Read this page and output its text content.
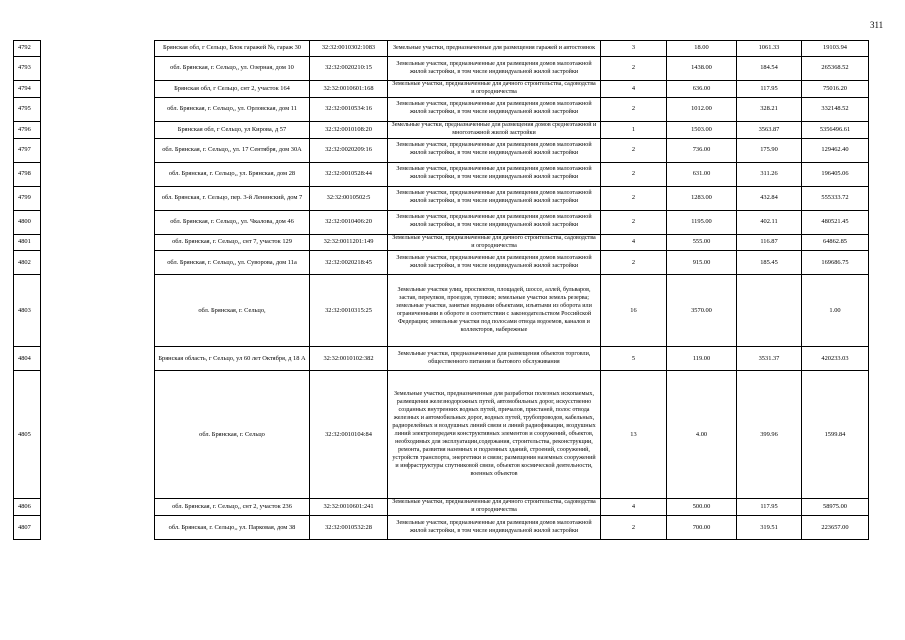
311
4792		Брянская обл, г Сельцо, Блок гаражей №, гараж 30	32:32:0010302:1083	Земельные участки, предназначенные для размещения гаражей и автостоянок	3	18.00	1061.33	19103.94
4793		обл. Брянская, г. Сельцо,, ул. Озерная, дом 10	32:32:0020210:15	Земельные участки, предназначенные для размещения домов малоэтажной жилой застройки, в том числе индивидуальной жилой застройки	2	1438.00	184.54	265368.52
4794		Брянская обл, г Сельцо, снт 2, участок 164	32:32:0010601:168	Земельные участки, предназначенные для дачного строительства, садоводства и огородничества	4	636.00	117.95	75016.20
4795		обл. Брянская, г. Сельцо,, ул. Орловская, дом 11	32:32:0010534:16	Земельные участки, предназначенные для размещения домов малоэтажной жилой застройки, в том числе индивидуальной жилой застройки	2	1012.00	328.21	332148.52
4796		Брянская обл, г Сельцо, ул Кирова, д 57	32:32:0010108:20	Земельные участки, предназначенные для размещения домов среднеэтажной и многоэтажной жилой застройки	1	1503.00	3563.87	5356496.61
4797		обл. Брянская, г. Сельцо,, ул. 17 Сентября, дом 30А	32:32:0020209:16	Земельные участки, предназначенные для размещения домов малоэтажной жилой застройки, в том числе индивидуальной жилой застройки	2	736.00	175.90	129462.40
4798		обл. Брянская, г. Сельцо,, ул. Брянская, дом 28	32:32:0010528:44	Земельные участки, предназначенные для размещения домов малоэтажной жилой застройки, в том числе индивидуальной жилой застройки	2	631.00	311.26	196405.06
4799		обл. Брянская, г. Сельцо, пер. 3-й Ленинский, дом 7	32:32:0010502:5	Земельные участки, предназначенные для размещения домов малоэтажной жилой застройки, в том числе индивидуальной жилой застройки	2	1283.00	432.84	555333.72
4800		обл. Брянская, г. Сельцо,, ул. Чкалова, дом 46	32:32:0010406:20	Земельные участки, предназначенные для размещения домов малоэтажной жилой застройки, в том числе индивидуальной жилой застройки	2	1195.00	402.11	480521.45
4801		обл. Брянская, г. Сельцо,, снт 7, участок 129	32:32:0011201:149	Земельные участки, предназначенные для дачного строительства, садоводства и огородничества	4	555.00	116.87	64862.85
4802		обл. Брянская, г. Сельцо,, ул. Суворова, дом 11а	32:32:0020218:45	Земельные участки, предназначенные для размещения домов малоэтажной жилой застройки, в том числе индивидуальной жилой застройки	2	915.00	185.45	169686.75
4803		обл. Брянская, г. Сельцо,	32:32:0010315:25	Земельные участки улиц, проспектов, площадей, шоссе, аллей, бульваров, застав, переулков, проездов, тупиков; земельные участки земель резерва; земельные участки, занятые водными объектами, изъятыми из оборота или ограниченными в обороте в соответствии с законодательством Российской Федерации; земельные участки под полосами отвода водоемов, каналов и коллекторов, набережные	16	3570.00		1.00
4804		Брянская область, г Сельцо, ул 60 лет Октября, д 18 А	32:32:0010102:382	Земельные участки, предназначенные для размещения объектов торговли, общественного питания и бытового обслуживания	5	119.00	3531.37	420233.03
4805		обл. Брянская, г. Сельцо	32:32:0010104:84	Земельные участки, предназначенные для разработки полезных ископаемых, размещения железнодорожных путей, автомобильных дорог, искусственно созданных внутренних водных путей, причалов, пристаней, полос отвода железных и автомобильных дорог, водных путей, трубопроводов, кабельных, радиорелейных и воздушных линий связи и линий радиофикации, воздушных линий электропередачи конструктивных элементов и сооружений, объектов, необходимых для эксплуатации,содержания, строительства, реконструкции, ремонта, развития наземных и подземных зданий, строений, сооружений, устройств транспорта, энергетики и связи; размещения наземных сооружений и инфраструктуры спутниковой связи, объектов космической деятельности, военных объектов	13	4.00	399.96	1599.84
4806		обл. Брянская, г. Сельцо,, снт 2, участок 236	32:32:0010601:241	Земельные участки, предназначенные для дачного строительства, садоводства и огородничества	4	500.00	117.95	58975.00
4807		обл. Брянская, г. Сельцо,, ул. Парковая, дом 38	32:32:0010532:28	Земельные участки, предназначенные для размещения домов малоэтажной жилой застройки, в том числе индивидуальной жилой застройки	2	700.00	319.51	223657.00
